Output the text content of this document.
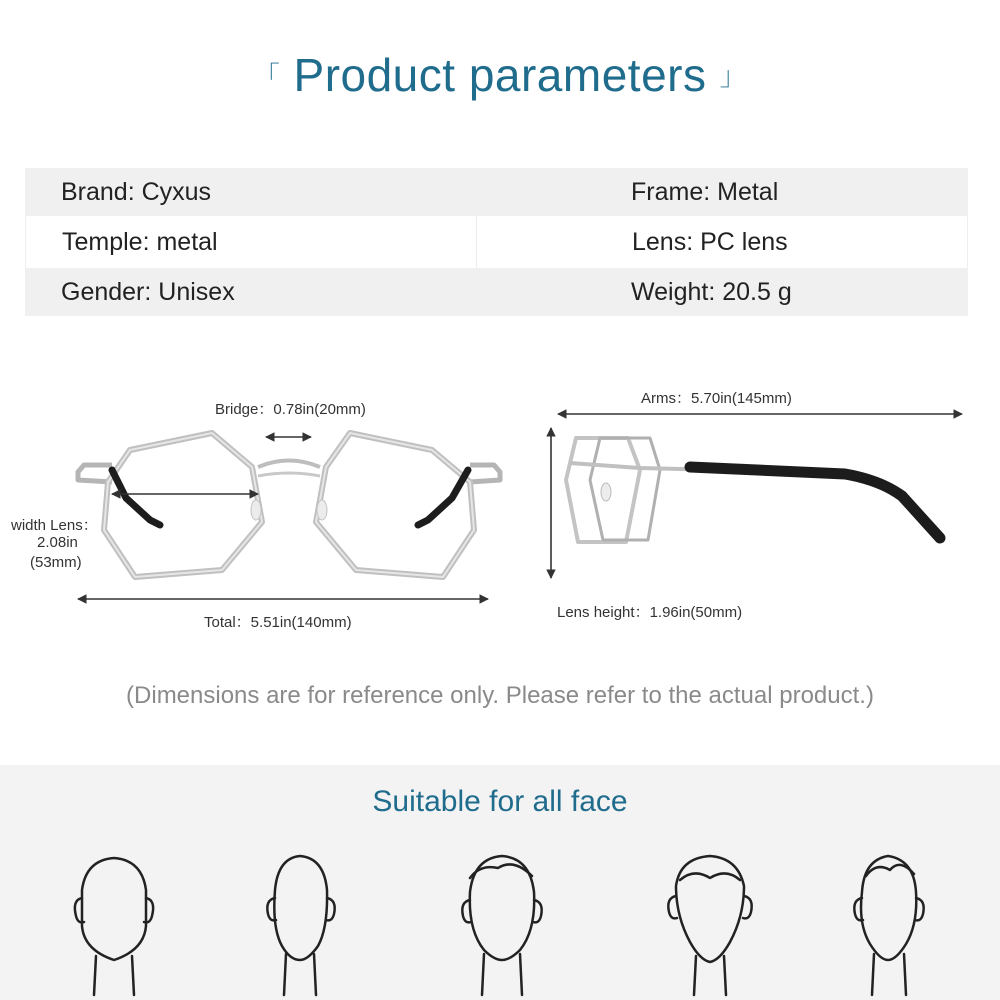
「 Product parameters 」
Brand: Cyxus	Frame: Metal
Temple: metal	Lens: PC lens
Gender: Unisex	Weight: 20.5 g
Bridge：0.78in(20mm)
width Lens：
2.08in
(53mm)
Total：5.51in(140mm)
Arms：5.70in(145mm)
Lens height：1.96in(50mm)
(Dimensions are for reference only. Please refer to the actual product.)
Suitable for all face
